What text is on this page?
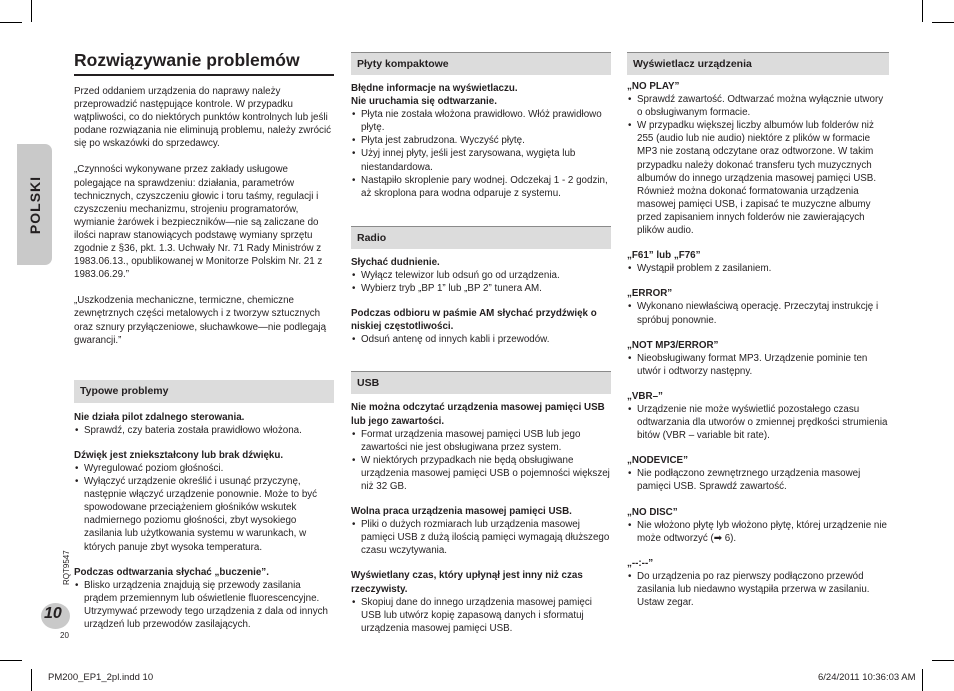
POLSKI
RQT9547
10
20
Rozwiązywanie problemów
Przed oddaniem urządzenia do naprawy należy przeprowadzić następujące kontrole. W przypadku wątpliwości, co do niektórych punktów kontrolnych lub jeśli podane rozwiązania nie eliminują problemu, należy zwrócić się po wskazówki do sprzedawcy.
„Czynności wykonywane przez zakłady usługowe polegające na sprawdzeniu: działania, parametrów technicznych, czyszczeniu głowic i toru taśmy, regulacji i czyszczeniu mechanizmu, strojeniu programatorów, wymianie żarówek i bezpieczników—nie są zaliczane do ilości napraw stanowiących podstawę wymiany sprzętu zgodnie z §36, pkt. 1.3. Uchwały Nr. 71 Rady Ministrów z 1983.06.13., opublikowanej w Monitorze Polskim Nr. 21 z 1983.06.29.”
„Uszkodzenia mechaniczne, termiczne, chemiczne zewnętrznych części metalowych i z tworzyw sztucznych oraz sznury przyłączeniowe, słuchawkowe—nie podlegają gwarancji.”
Typowe problemy
Nie działa pilot zdalnego sterowania.
• Sprawdź, czy bateria została prawidłowo włożona.
Dźwięk jest zniekształcony lub brak dźwięku.
• Wyregulować poziom głośności.
• Wyłączyć urządzenie określić i usunąć przyczynę, następnie włączyć urządzenie ponownie. Może to być spowodowane przeciążeniem głośników wskutek nadmiernego poziomu głośności, zbyt wysokiego zasilania lub użytkowania systemu w warunkach, w których panuje zbyt wysoka temperatura.
Podczas odtwarzania słychać „buczenie”.
• Blisko urządzenia znajdują się przewody zasilania prądem przemiennym lub oświetlenie fluorescencyjne. Utrzymywać przewody tego urządzenia z dala od innych urządzeń lub przewodów zasilających.
Płyty kompaktowe
Błędne informacje na wyświetlaczu.
Nie uruchamia się odtwarzanie.
• Płyta nie została włożona prawidłowo. Włóż prawidłowo płytę.
• Płyta jest zabrudzona. Wyczyść płytę.
• Użyj innej płyty, jeśli jest zarysowana, wygięta lub niestandardowa.
• Nastąpiło skroplenie pary wodnej. Odczekaj 1 - 2 godzin, aż skroplona para wodna odparuje z systemu.
Radio
Słychać dudnienie.
• Wyłącz telewizor lub odsuń go od urządzenia.
• Wybierz tryb „BP 1” lub „BP 2” tunera AM.
Podczas odbioru w paśmie AM słychać przydźwięk o niskiej częstotliwości.
• Odsuń antenę od innych kabli i przewodów.
USB
Nie można odczytać urządzenia masowej pamięci USB lub jego zawartości.
• Format urządzenia masowej pamięci USB lub jego zawartości nie jest obsługiwana przez system.
• W niektórych przypadkach nie będą obsługiwane urządzenia masowej pamięci USB o pojemności większej niż 32 GB.
Wolna praca urządzenia masowej pamięci USB.
• Pliki o dużych rozmiarach lub urządzenia masowej pamięci USB z dużą ilością pamięci wymagają dłuższego czasu wczytywania.
Wyświetlany czas, który upłynął jest inny niż czas rzeczywisty.
• Skopiuj dane do innego urządzenia masowej pamięci USB lub utwórz kopię zapasową danych i sformatuj urządzenia masowej pamięci USB.
Wyświetlacz urządzenia
„NO PLAY”
• Sprawdź zawartość. Odtwarzać można wyłącznie utwory o obsługiwanym formacie.
• W przypadku większej liczby albumów lub folderów niż 255 (audio lub nie audio) niektóre z plików w formacie MP3 nie zostaną odczytane oraz odtworzone. W takim przypadku należy dokonać transferu tych muzycznych albumów do innego urządzenia masowej pamięci USB. Również można dokonać formatowania urządzenia masowej pamięci USB, i zapisać te muzyczne albumy przed zapisaniem innych folderów nie zawierających plików audio.
„F61” lub „F76”
• Wystąpił problem z zasilaniem.
„ERROR”
• Wykonano niewłaściwą operację. Przeczytaj instrukcję i spróbuj ponownie.
„NOT MP3/ERROR”
• Nieobsługiwany format MP3. Urządzenie pominie ten utwór i odtworzy następny.
„VBR–”
• Urządzenie nie może wyświetlić pozostałego czasu odtwarzania dla utworów o zmiennej prędkości strumienia bitów (VBR – variable bit rate).
„NODEVICE”
• Nie podłączono zewnętrznego urządzenia masowej pamięci USB. Sprawdź zawartość.
„NO DISC”
• Nie włożono płytę lyb włożono płytę, której urządzenie nie może odtworzyć (➡ 6).
„--:--”
• Do urządzenia po raz pierwszy podłączono przewód zasilania lub niedawno wystąpiła przerwa w zasilaniu. Ustaw zegar.
PM200_EP1_2pl.indd 10	6/24/2011 10:36:03 AM
